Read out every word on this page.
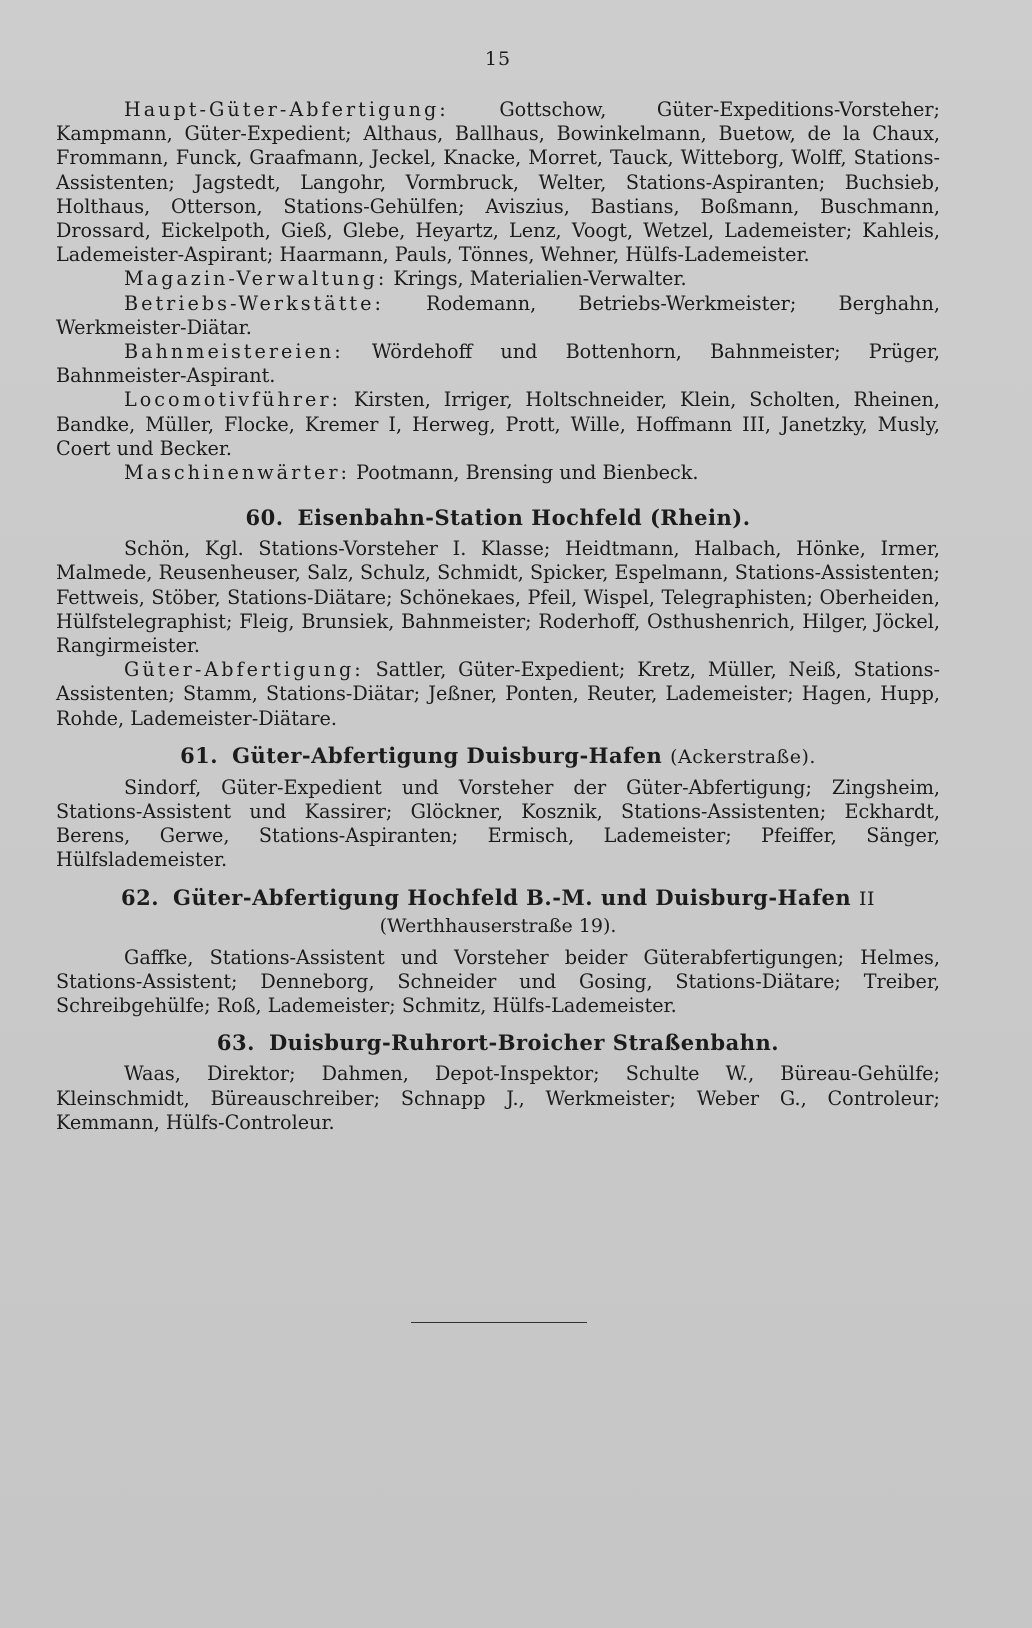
15

Haupt-Güter-Abfertigung:	Gottschow, Güter-Expeditions-Vorsteher; Kampmann, Güter-Expedient; Althaus, Ballhaus, Bowinkelmann, Buetow, de la Chaux, Frommann, Funck, Graafmann, Jeckel, Knacke, Morret, Tauck, Witteborg, Wolff, Stations-Assistenten; Jagstedt, Langohr, Vormbruck, Welter, Stations-Aspiranten; Buchsieb, Holthaus, Otterson, Stations-Gehülfen; Aviszius, Bastians, Boßmann, Buschmann, Drossard, Eickelpoth, Gieß, Glebe, Heyartz, Lenz, Voogt, Wetzel, Lademeister; Kahleis, Lademeister-Aspirant; Haarmann, Pauls, Tönnes, Wehner, Hülfs-Lademeister.

Magazin-Verwaltung: Krings, Materialien-Verwalter.

Betriebs-Werkstätte: Rodemann, Betriebs-Werkmeister; Berghahn, Werkmeister-Diätar.

Bahnmeistereien: Wördehoff und Bottenhorn, Bahnmeister; Prüger, Bahnmeister-Aspirant.

Locomotivführer: Kirsten, Irriger, Holtschneider, Klein, Scholten, Rheinen, Bandke, Müller, Flocke, Kremer I, Herweg, Prott, Wille, Hoffmann III, Janetzky, Musly, Coert und Becker.

Maschinenwärter: Pootmann, Brensing und Bienbeck.

60. Eisenbahn-Station Hochfeld (Rhein).

Schön, Kgl. Stations-Vorsteher I. Klasse; Heidtmann, Halbach, Hönke, Irmer, Malmede, Reusenheuser, Salz, Schulz, Schmidt, Spicker, Espelmann, Stations-Assistenten; Fettweis, Stöber, Stations-Diätare; Schönekaes, Pfeil, Wispel, Telegraphisten; Oberheiden, Hülfstelegraphist; Fleig, Brunsiek, Bahnmeister; Roderhoff, Osthushenrich, Hilger, Jöckel, Rangirmeister.

Güter-Abfertigung: Sattler, Güter-Expedient; Kretz, Müller, Neiß, Stations-Assistenten; Stamm, Stations-Diätar; Jeßner, Ponten, Reuter, Lademeister; Hagen, Hupp, Rohde, Lademeister-Diätare.

61. Güter-Abfertigung Duisburg-Hafen (Ackerstraße).

Sindorf, Güter-Expedient und Vorsteher der Güter-Abfertigung; Zingsheim, Stations-Assistent und Kassirer; Glöckner, Kosznik, Stations-Assistenten; Eckhardt, Berens, Gerwe, Stations-Aspiranten; Ermisch, Lademeister; Pfeiffer, Sänger, Hülfslademeister.

62. Güter-Abfertigung Hochfeld B.-M. und Duisburg-Hafen II
(Werthhauserstraße 19).

Gaffke, Stations-Assistent und Vorsteher beider Güterabfertigungen; Helmes, Stations-Assistent; Denneborg, Schneider und Gosing, Stations-Diätare; Treiber, Schreibgehülfe; Roß, Lademeister; Schmitz, Hülfs-Lademeister.

63. Duisburg-Ruhrort-Broicher Straßenbahn.

Waas, Direktor; Dahmen, Depot-Inspektor; Schulte W., Büreau-Gehülfe; Kleinschmidt, Büreauschreiber; Schnapp J., Werkmeister; Weber G., Controleur; Kemmann, Hülfs-Controleur.
